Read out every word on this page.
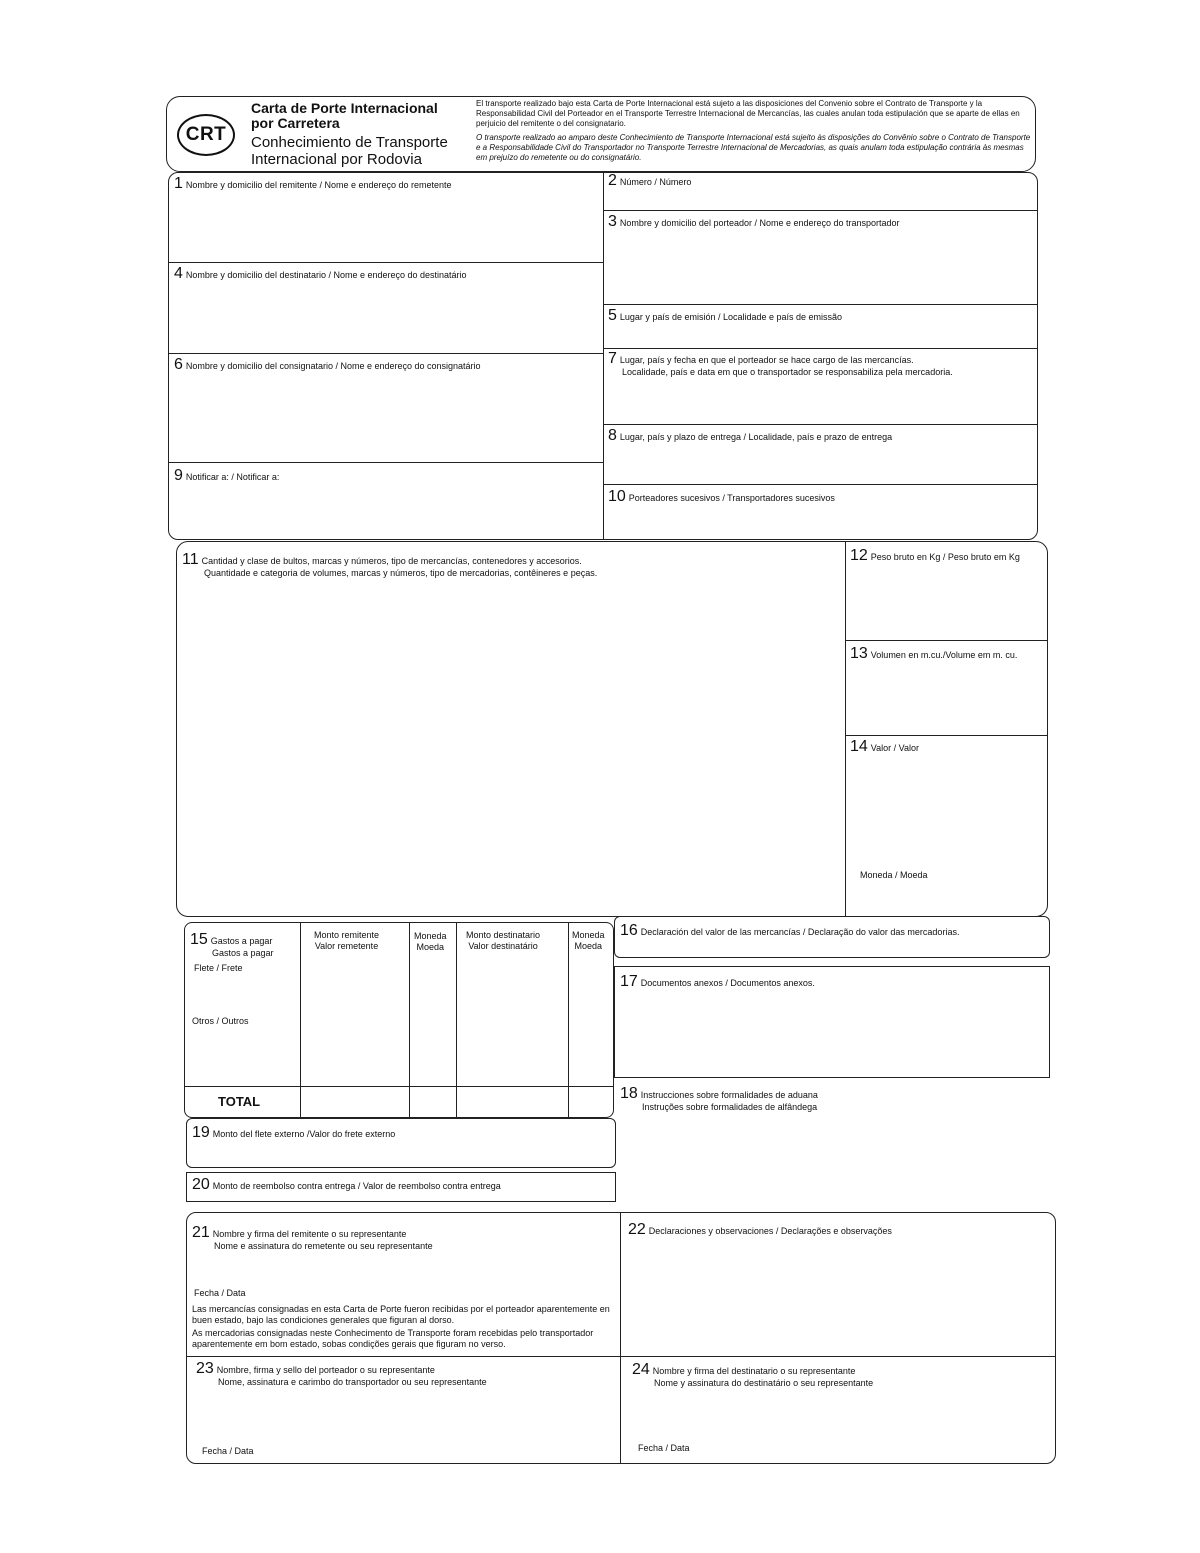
CRT
Carta de Porte Internacional
por Carretera
Conhecimiento de Transporte
Internacional por Rodovia
El transporte realizado bajo esta Carta de Porte Internacional está sujeto a las disposiciones del Convenio sobre el Contrato de Transporte y la Responsabilidad Civil del Porteador en el Transporte Terrestre Internacional de Mercancías, las cuales anulan toda estipulación que se aparte de ellas en perjuicio del remitente o del consignatario.
O transporte realizado ao amparo deste Conhecimiento de Transporte Internacional está sujeito às disposições do Convênio sobre o Contrato de Transporte e a Responsabilidade Civil do Transportador no Transporte Terrestre Internacional de Mercadorias, as quais anulam toda estipulação contrária às mesmas em prejuízo do remetente ou do consignatário.
1 Nombre y domicilio del remitente / Nome e endereço do remetente	2 Número / Número
3 Nombre y domicilio del porteador / Nome e endereço do transportador
4 Nombre y domicilio del destinatario / Nome e endereço do destinatário
5 Lugar y país de emisión / Localidade e país de emissão
6 Nombre y domicilio del consignatario / Nome e endereço do consignatário	7 Lugar, país y fecha en que el porteador se hace cargo de las mercancías.
Localidade, país e data em que o transportador se responsabiliza pela mercadoria.
8 Lugar, país y plazo de entrega / Localidade, país e prazo de entrega
9 Notificar a: / Notificar a:
10 Porteadores sucesivos / Transportadores sucesivos
11 Cantidad y clase de bultos, marcas y números, tipo de mercancías, contenedores y accesorios.
Quantidade e categoria de volumes, marcas y números, tipo de mercadorias, contêineres e peças.
12 Peso bruto en Kg / Peso bruto em Kg
13 Volumen en m.cu./Volume em m. cu.
14 Valor / Valor
Moneda / Moeda
15 Gastos a pagar
Gastos a pagar
Monto remitente
Valor remetente
Moneda
Moeda
Monto destinatario
Valor destinatário
Moneda
Moeda
Flete / Frete
Otros / Outros
TOTAL
16 Declaración del valor de las mercancías / Declaração do valor das mercadorias.
17 Documentos anexos / Documentos anexos.
18 Instrucciones sobre formalidades de aduana
Instruções sobre formalidades de alfândega
19 Monto del flete externo /Valor do frete externo
20 Monto de reembolso contra entrega / Valor de reembolso contra entrega
21 Nombre y firma del remitente o su representante
Nome e assinatura do remetente ou seu representante
Fecha / Data
Las mercancías consignadas en esta Carta de Porte fueron recibidas por el porteador aparentemente en buen estado, bajo las condiciones generales que figuran al dorso.
As mercadorias consignadas neste Conhecimento de Transporte foram recebidas pelo transportador aparentemente em bom estado, sobas condições gerais que figuram no verso.
22 Declaraciones y observaciones / Declarações e observações
23 Nombre, firma y sello del porteador o su representante
Nome, assinatura e carimbo do transportador ou seu representante
Fecha / Data
24 Nombre y firma del destinatario o su representante
Nome y assinatura do destinatário o seu representante
Fecha / Data
